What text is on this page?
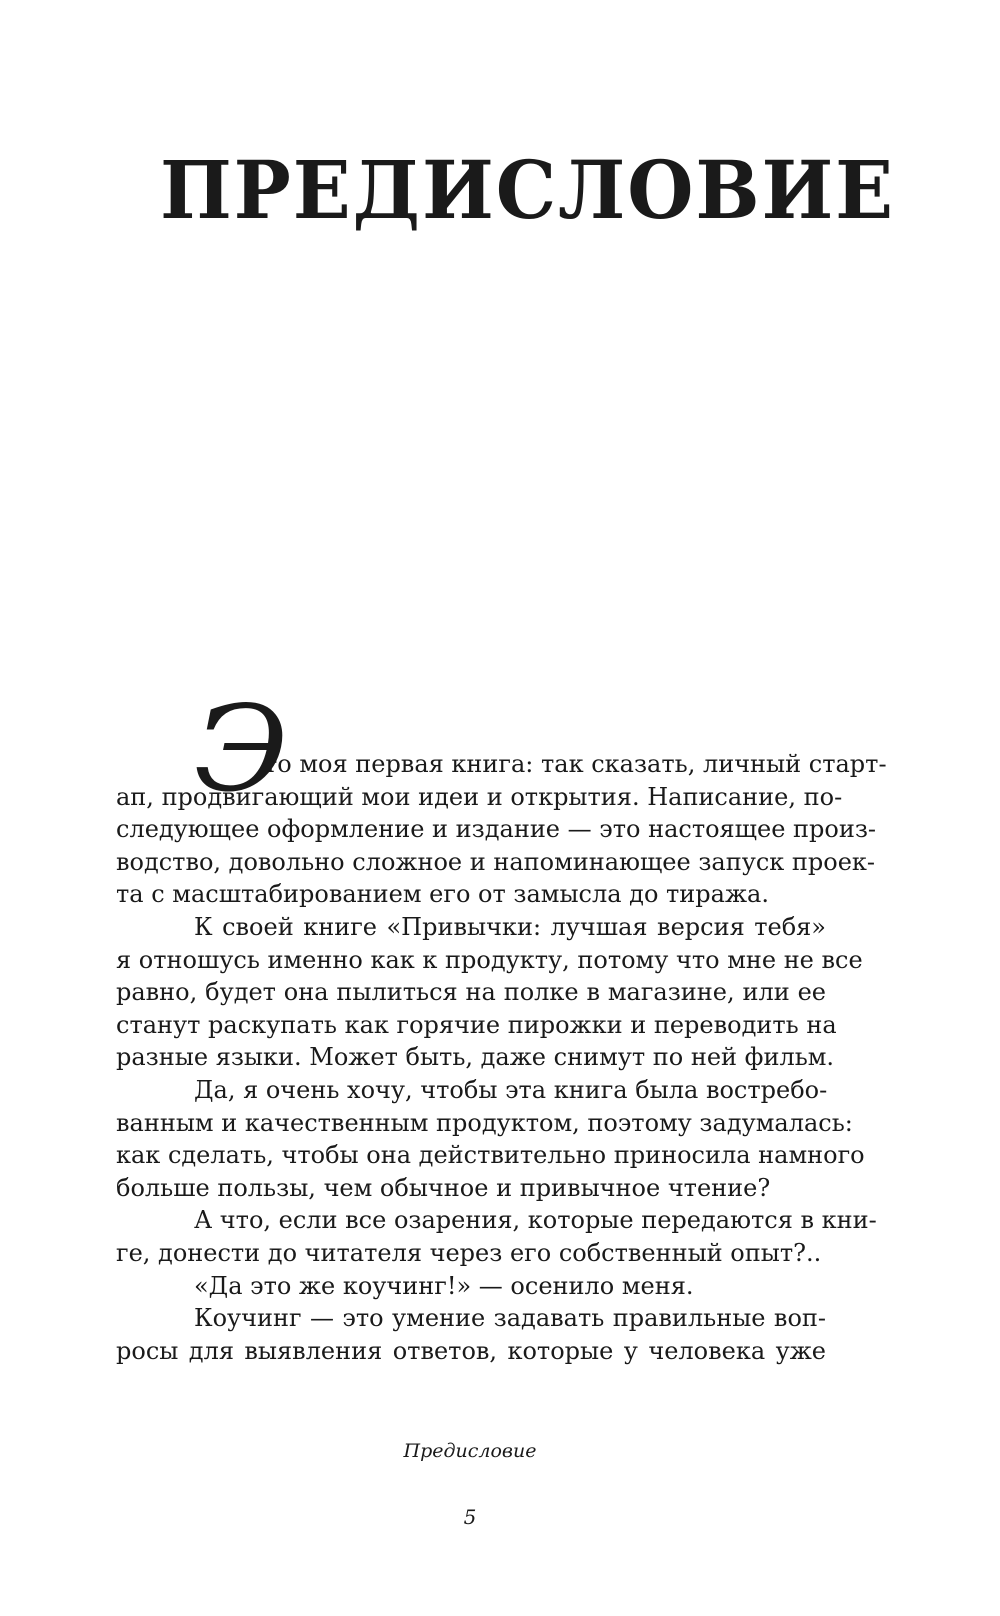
ПРЕДИСЛОВИЕ
Э
то моя первая книга: так сказать, личный старт-
ап, продвигающий мои идеи и открытия. Написание, по-
следующее оформление и издание — это настоящее произ-
водство, довольно сложное и напоминающее запуск проек-
та с масштабированием его от замысла до тиража.
К своей книге «Привычки: лучшая версия тебя»
я отношусь именно как к продукту, потому что мне не все
равно, будет она пылиться на полке в магазине, или ее
станут раскупать как горячие пирожки и переводить на
разные языки. Может быть, даже снимут по ней фильм.
Да, я очень хочу, чтобы эта книга была востребо-
ванным и качественным продуктом, поэтому задумалась:
как сделать, чтобы она действительно приносила намного
больше пользы, чем обычное и привычное чтение?
А что, если все озарения, которые передаются в кни-
ге, донести до читателя через его собственный опыт?..
«Да это же коучинг!» — осенило меня.
Коучинг — это умение задавать правильные воп-
росы для выявления ответов, которые у человека уже
Предисловие
5
